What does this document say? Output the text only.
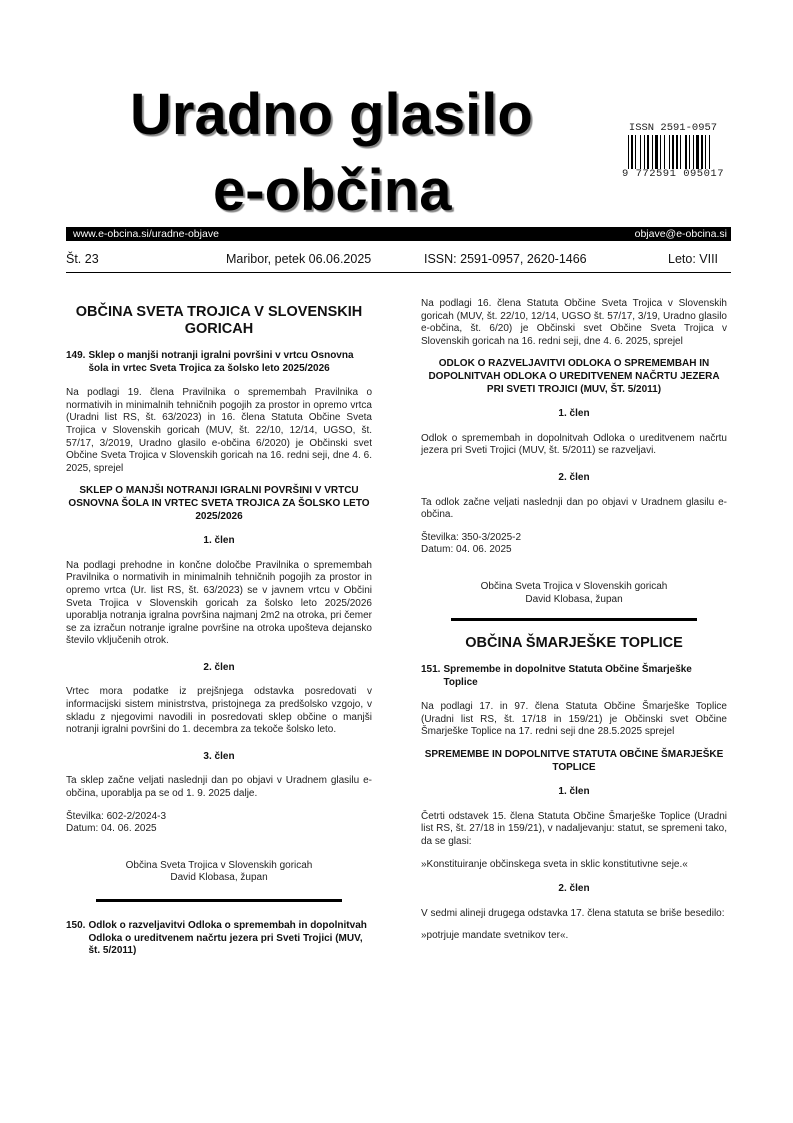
Uradno glasilo
e-občina
ISSN 2591-0957
9 772591 095017
www.e-obcina.si/uradne-objave	objave@e-obcina.si
Št. 23	Maribor, petek 06.06.2025	ISSN: 2591-0957, 2620-1466	Leto: VIII
OBČINA SVETA TROJICA V SLOVENSKIH GORICAH
149. Sklep o manjši notranji igralni površini v vrtcu Osnovna šola in vrtec Sveta Trojica za šolsko leto 2025/2026

Na podlagi 19. člena Pravilnika o spremembah Pravilnika o normativih in minimalnih tehničnih pogojih za prostor in opremo vrtca (Uradni list RS, št. 63/2023) in 16. člena Statuta Občine Sveta Trojica v Slovenskih goricah (MUV, št. 22/10, 12/14, UGSO, št. 57/17, 3/2019, Uradno glasilo e-občina 6/2020) je Občinski svet Občine Sveta Trojica v Slovenskih goricah na 16. redni seji, dne 4. 6. 2025, sprejel

SKLEP O MANJŠI NOTRANJI IGRALNI POVRŠINI V VRTCU OSNOVNA ŠOLA IN VRTEC SVETA TROJICA ZA ŠOLSKO LETO 2025/2026
1. člen

Na podlagi prehodne in končne določbe Pravilnika o spremembah Pravilnika o normativih in minimalnih tehničnih pogojih za prostor in opremo vrtca (Ur. list RS, št. 63/2023) se v javnem vrtcu v Občini Sveta Trojica v Slovenskih goricah za šolsko leto 2025/2026 uporablja notranja igralna površina najmanj 2m2 na otroka, pri čemer se za izračun notranje igralne površine na otroka upošteva dejansko število vključenih otrok.

2. člen

Vrtec mora podatke iz prejšnjega odstavka posredovati v informacijski sistem ministrstva, pristojnega za predšolsko vzgojo, v skladu z njegovimi navodili in posredovati sklep občine o manjši notranji igralni površini do 1. decembra za tekoče šolsko leto.

3. člen

Ta sklep začne veljati naslednji dan po objavi v Uradnem glasilu e-občina, uporablja pa se od 1. 9. 2025 dalje.

Številka: 602-2/2024-3
Datum: 04. 06. 2025
Občina Sveta Trojica v Slovenskih goricah
David Klobasa, župan
150. Odlok o razveljavitvi Odloka o spremembah in dopolnitvah Odloka o ureditvenem načrtu jezera pri Sveti Trojici (MUV, št. 5/2011)

Na podlagi 16. člena Statuta Občine Sveta Trojica v Slovenskih goricah (MUV, št. 22/10, 12/14, UGSO št. 57/17, 3/19, Uradno glasilo e-občina, št. 6/20) je Občinski svet Občine Sveta Trojica v Slovenskih goricah na 16. redni seji, dne 4. 6. 2025, sprejel

ODLOK O RAZVELJAVITVI ODLOKA O SPREMEMBAH IN DOPOLNITVAH ODLOKA O UREDITVENEM NAČRTU JEZERA PRI SVETI TROJICI (MUV, ŠT. 5/2011)
1. člen

Odlok o spremembah in dopolnitvah Odloka o ureditvenem načrtu jezera pri Sveti Trojici (MUV, št. 5/2011) se razveljavi.

2. člen

Ta odlok začne veljati naslednji dan po objavi v Uradnem glasilu e-občina.

Številka: 350-3/2025-2
Datum: 04. 06. 2025
Občina Sveta Trojica v Slovenskih goricah
David Klobasa, župan
OBČINA ŠMARJEŠKE TOPLICE
151. Spremembe in dopolnitve Statuta Občine Šmarješke Toplice

Na podlagi 17. in 97. člena Statuta Občine Šmarješke Toplice (Uradni list RS, št. 17/18 in 159/21) je Občinski svet Občine Šmarješke Toplice na 17. redni seji dne 28.5.2025 sprejel

SPREMEMBE IN DOPOLNITVE STATUTA OBČINE ŠMARJEŠKE TOPLICE
1. člen

Četrti odstavek 15. člena Statuta Občine Šmarješke Toplice (Uradni list RS, št. 27/18 in 159/21), v nadaljevanju: statut, se spremeni tako, da se glasi:

»Konstituiranje občinskega sveta in sklic konstitutivne seje.«

2. člen

V sedmi alineji drugega odstavka 17. člena statuta se briše besedilo:

»potrjuje mandate svetnikov ter«.
